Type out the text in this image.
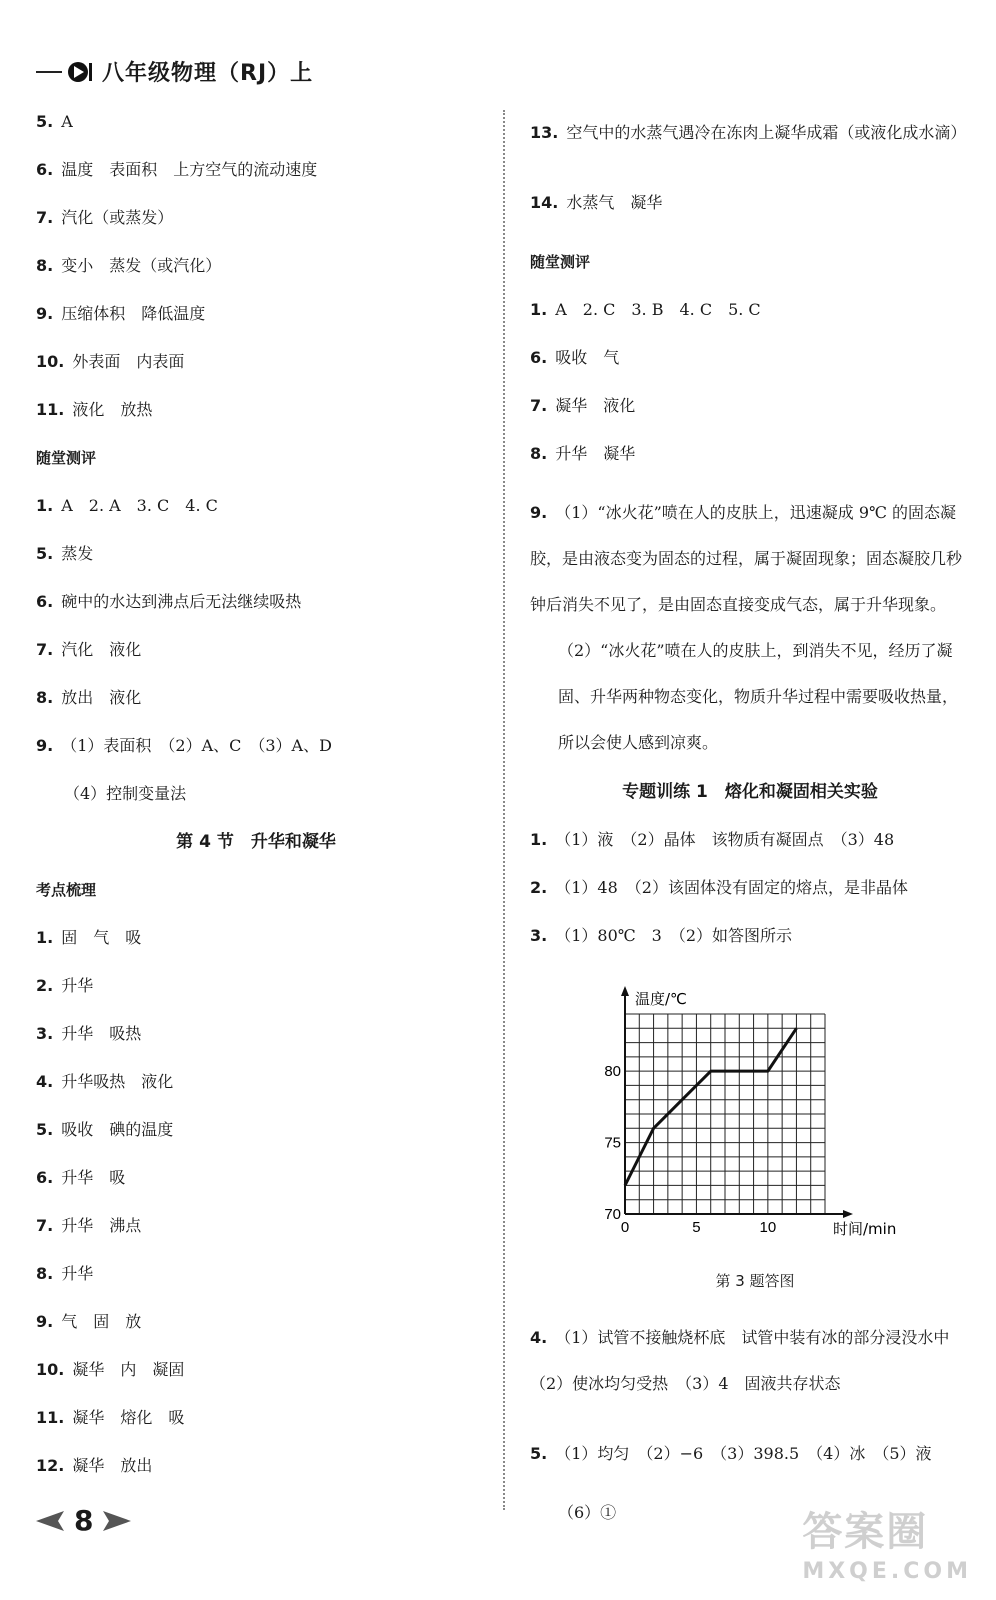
八年级物理（RJ）上
5. A
6. 温度　表面积　上方空气的流动速度
7. 汽化（或蒸发）
8. 变小　蒸发（或汽化）
9. 压缩体积　降低温度
10. 外表面　内表面
11. 液化　放热
随堂测评
1. A　2. A　3. C　4. C
5. 蒸发
6. 碗中的水达到沸点后无法继续吸热
7. 汽化　液化
8. 放出　液化
9. （1）表面积　（2）A、C　（3）A、D
（4）控制变量法
第 4 节　升华和凝华
考点梳理
1. 固　气　吸
2. 升华
3. 升华　吸热
4. 升华吸热　液化
5. 吸收　碘的温度
6. 升华　吸
7. 升华　沸点
8. 升华
9. 气　固　放
10. 凝华　内　凝固
11. 凝华　熔化　吸
12. 凝华　放出
13. 空气中的水蒸气遇冷在冻肉上凝华成霜（或液化成水滴）
14. 水蒸气　凝华
随堂测评
1. A　2. C　3. B　4. C　5. C
6. 吸收　气
7. 凝华　液化
8. 升华　凝华
9. （1）“冰火花”喷在人的皮肤上，迅速凝成 9℃ 的固态凝胶，是由液态变为固态的过程，属于凝固现象；固态凝胶几秒钟后消失不见了，是由固态直接变成气态，属于升华现象。
（2）“冰火花”喷在人的皮肤上，到消失不见，经历了凝固、升华两种物态变化，物质升华过程中需要吸收热量，所以会使人感到凉爽。
专题训练 1　熔化和凝固相关实验
1. （1）液　（2）晶体　该物质有凝固点　（3）48
2. （1）48　（2）该固体没有固定的熔点，是非晶体
3. （1）80℃　3　（2）如答图所示
0	5	10
70
75
80
温度/℃
时间/min
第 3 题答图
4. （1）试管不接触烧杯底　试管中装有冰的部分浸没水中　（2）使冰均匀受热　（3）4　固液共存状态
5. （1）均匀　（2）−6　（3）398.5　（4）冰　（5）液
（6）①
8	答案圈
MXQE.COM
